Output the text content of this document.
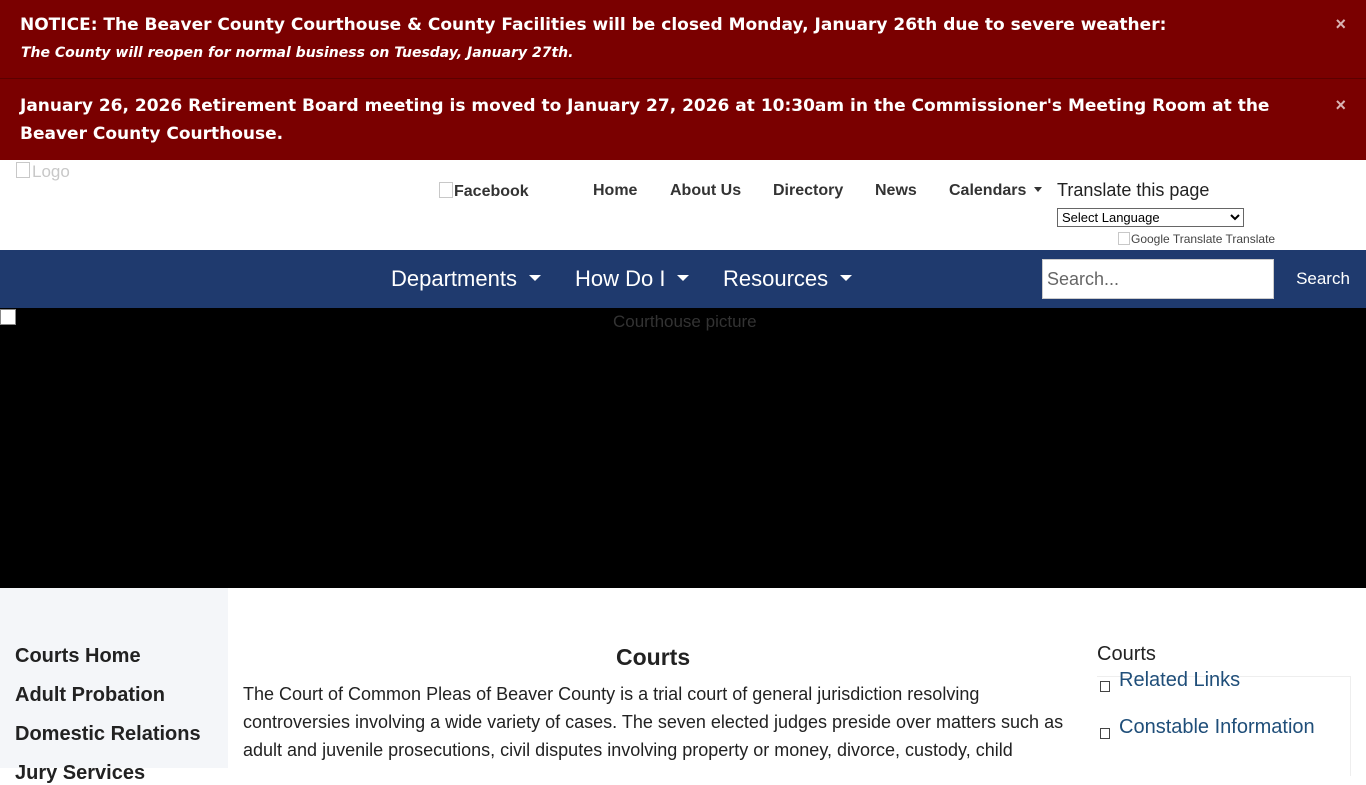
NOTICE: The Beaver County Courthouse & County Facilities will be closed Monday, January 26th due to severe weather:
The County will reopen for normal business on Tuesday, January 27th.
×
January 26, 2026 Retirement Board meeting is moved to January 27, 2026 at 10:30am in the Commissioner's Meeting Room at the Beaver County Courthouse.
×
Logo
Facebook	Home About Us Directory News Calendars	Translate this page
Select Language
Google Translate Translate
Departments	How Do I	Resources
Search...	Search
Courthouse picture
Courts Home
Adult Probation
Domestic Relations
Jury Services
Courts

The Court of Common Pleas of Beaver County is a trial court of general jurisdiction resolving controversies involving a wide variety of cases. The seven elected judges preside over matters such as adult and juvenile prosecutions, civil disputes involving property or money, divorce, custody, child

Courts
Related Links
Constable Information
